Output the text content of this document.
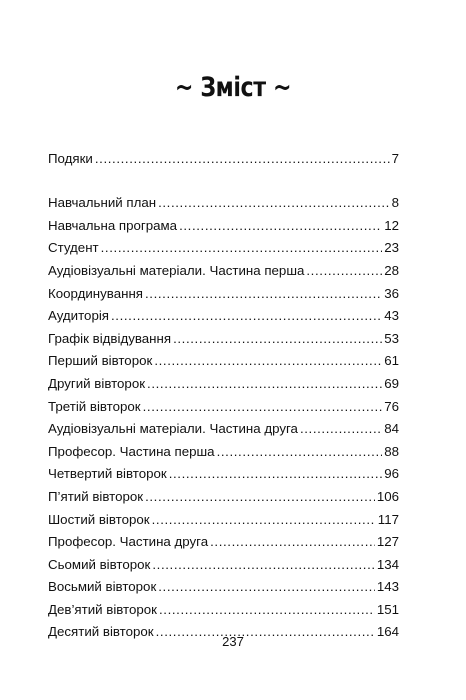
~ Зміст ~
Подяки .....	7
Навчальний план .....	8
Навчальна програма .....	12
Студент .....	23
Аудіовізуальні матеріали. Частина перша .....	28
Координування .....	36
Аудиторія .....	43
Графік відвідування .....	53
Перший вівторок .....	61
Другий вівторок .....	69
Третій вівторок .....	76
Аудіовізуальні матеріали. Частина друга .....	84
Професор. Частина перша .....	88
Четвертий вівторок .....	96
П’ятий вівторок .....	106
Шостий вівторок .....	117
Професор. Частина друга .....	127
Сьомий вівторок .....	134
Восьмий вівторок .....	143
Дев’ятий вівторок .....	151
Десятий вівторок .....	164
237
